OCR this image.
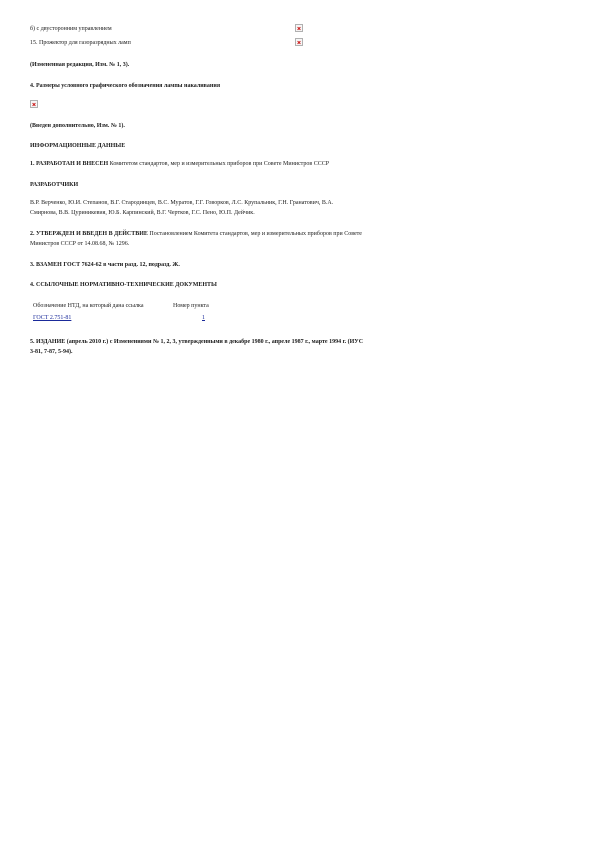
б) с двусторонним управлением
15. Прожектор для газоразрядных ламп
(Измененная редакция, Изм. № 1, 3).
4. Размеры условного графического обозначения лампы накаливания
(Введен дополнительно, Изм. № 1).
ИНФОРМАЦИОННЫЕ ДАННЫЕ
1. РАЗРАБОТАН И ВНЕСЕН Комитетом стандартов, мер и измерительных приборов при Совете Министров СССР
РАЗРАБОТЧИКИ
В.Р. Верченко, Ю.И. Степанов, В.Г. Стародинцев, В.С. Муратов, Г.Г. Говорков, Л.С. Крупальник, Г.Н. Гранатович, В.А.
Смирнова, В.В. Цуриникевия, Ю.Б. Карпинский, В.Г. Чертков, Г.С. Пено, Ю.П. Дейчик.
2. УТВЕРЖДЕН И ВВЕДЕН В ДЕЙСТВИЕ Постановлением Комитета стандартов, мер и измерительных приборов при Совете
Министров СССР от 14.08.68, № 1296.
3. ВЗАМЕН ГОСТ 7624-62 в части разд. 12, подразд. Ж.
4. ССЫЛОЧНЫЕ НОРМАТИВНО-ТЕХНИЧЕСКИЕ ДОКУМЕНТЫ
Обозначение НТД, на который дана ссылка	Номер пункта
ГОСТ 2.751-81	1
5. ИЗДАНИЕ (апрель 2010 г.) с Изменениями № 1, 2, 3, утвержденными в декабре 1980 г., апреле 1987 г., марте 1994 г. (ИУС
3-81, 7-87, 5-94).
